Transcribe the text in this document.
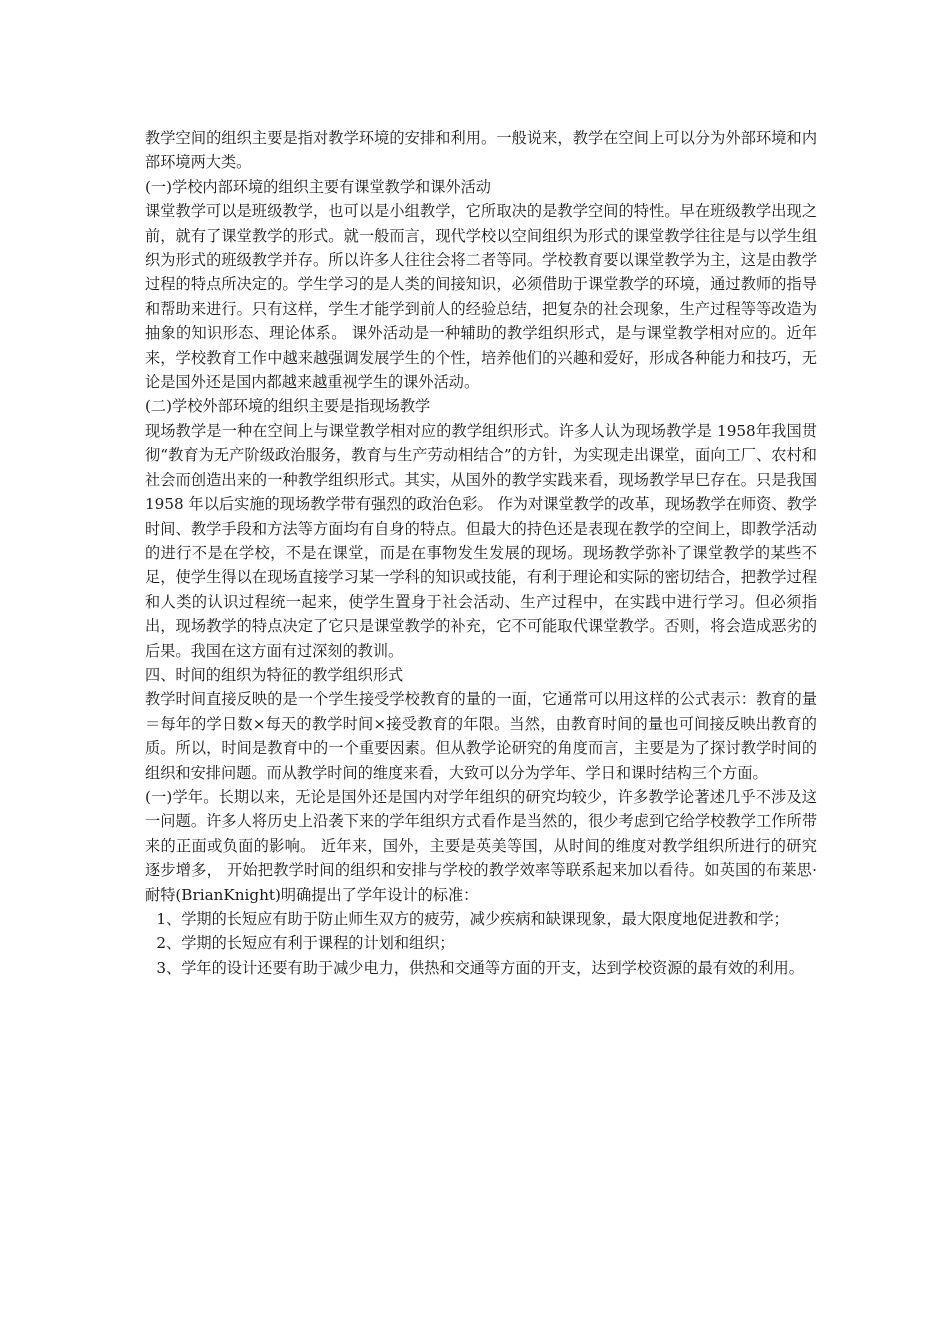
教学空间的组织主要是指对教学环境的安排和利用。一般说来，教学在空间上可以分为外部环境和内部环境两大类。

(一)学校内部环境的组织主要有课堂教学和课外活动

课堂教学可以是班级教学，也可以是小组教学，它所取决的是教学空间的特性。早在班级教学出现之前，就有了课堂教学的形式。就一般而言，现代学校以空间组织为形式的课堂教学往往是与以学生组织为形式的班级教学并存。所以许多人往往会将二者等同。学校教育要以课堂教学为主，这是由教学过程的特点所决定的。学生学习的是人类的间接知识，必须借助于课堂教学的环境，通过教师的指导和帮助来进行。只有这样，学生才能学到前人的经验总结，把复杂的社会现象，生产过程等等改造为抽象的知识形态、理论体系。 课外活动是一种辅助的教学组织形式，是与课堂教学相对应的。近年来，学校教育工作中越来越强调发展学生的个性，培养他们的兴趣和爱好，形成各种能力和技巧，无论是国外还是国内都越来越重视学生的课外活动。

(二)学校外部环境的组织主要是指现场教学

现场教学是一种在空间上与课堂教学相对应的教学组织形式。许多人认为现场教学是 1958年我国贯彻“教育为无产阶级政治服务，教育与生产劳动相结合”的方针，为实现走出课堂，面向工厂、农村和社会而创造出来的一种教学组织形式。其实，从国外的教学实践来看，现场教学早巳存在。只是我国 1958 年以后实施的现场教学带有强烈的政治色彩。 作为对课堂教学的改革，现场教学在师资、教学时间、教学手段和方法等方面均有自身的特点。但最大的持色还是表现在教学的空间上，即教学活动的进行不是在学校，不是在课堂，而是在事物发生发展的现场。现场教学弥补了课堂教学的某些不足，使学生得以在现场直接学习某一学科的知识或技能，有利于理论和实际的密切结合，把教学过程和人类的认识过程统一起来，使学生置身于社会活动、生产过程中，在实践中进行学习。但必须指出，现场教学的特点决定了它只是课堂教学的补充，它不可能取代课堂教学。否则，将会造成恶劣的后果。我国在这方面有过深刻的教训。

四、时间的组织为特征的教学组织形式

教学时间直接反映的是一个学生接受学校教育的量的一面，它通常可以用这样的公式表示：教育的量＝每年的学日数×每天的教学时间×接受教育的年限。当然，由教育时间的量也可间接反映出教育的质。所以，时间是教育中的一个重要因素。但从教学论研究的角度而言，主要是为了探讨教学时间的组织和安排问题。而从教学时间的维度来看，大致可以分为学年、学日和课时结构三个方面。

(一)学年。长期以来，无论是国外还是国内对学年组织的研究均较少，许多教学论著述几乎不涉及这一问题。许多人将历史上沿袭下来的学年组织方式看作是当然的，很少考虑到它给学校教学工作所带来的正面或负面的影响。 近年来，国外，主要是英美等国，从时间的维度对教学组织所进行的研究逐步增多， 开始把教学时间的组织和安排与学校的教学效率等联系起来加以看待。如英国的布莱思·耐特(BrianKnight)明确提出了学年设计的标准：

1、学期的长短应有助于防止师生双方的疲劳，减少疾病和缺课现象，最大限度地促进教和学；

2、学期的长短应有利于课程的计划和组织；

3、学年的设计还要有助于减少电力，供热和交通等方面的开支，达到学校资源的最有效的利用。
